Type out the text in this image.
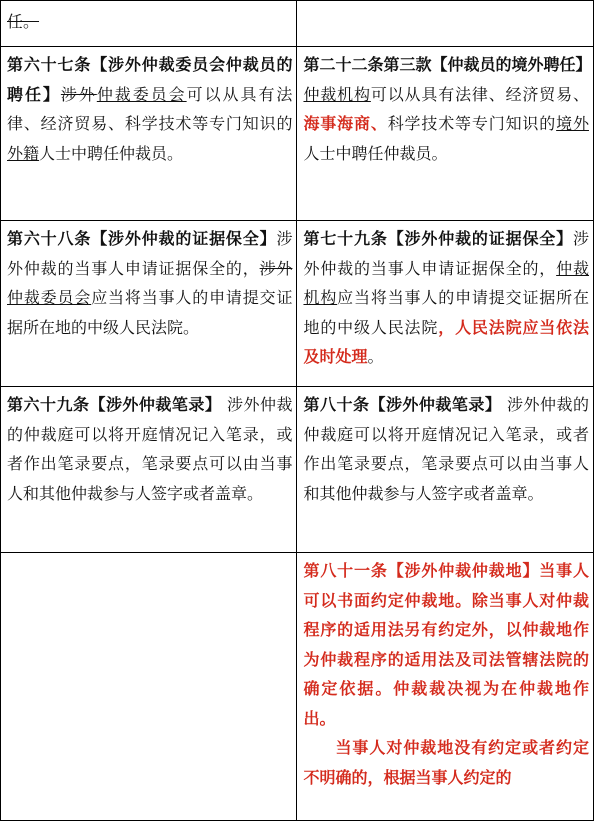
任。	
第六十七条【涉外仲裁委员会仲裁员的聘任】涉外仲裁委员会可以从具有法律、经济贸易、科学技术等专门知识的外籍人士中聘任仲裁员。	第二十二条第三款【仲裁员的境外聘任】仲裁机构可以从具有法律、经济贸易、海事海商、科学技术等专门知识的境外人士中聘任仲裁员。
第六十八条【涉外仲裁的证据保全】涉外仲裁的当事人申请证据保全的，涉外仲裁委员会应当将当事人的申请提交证据所在地的中级人民法院。	第七十九条【涉外仲裁的证据保全】涉外仲裁的当事人申请证据保全的，仲裁机构应当将当事人的申请提交证据所在地的中级人民法院，人民法院应当依法及时处理。
第六十九条【涉外仲裁笔录】 涉外仲裁的仲裁庭可以将开庭情况记入笔录，或者作出笔录要点，笔录要点可以由当事人和其他仲裁参与人签字或者盖章。	第八十条【涉外仲裁笔录】 涉外仲裁的仲裁庭可以将开庭情况记入笔录，或者作出笔录要点，笔录要点可以由当事人和其他仲裁参与人签字或者盖章。

	第八十一条【涉外仲裁仲裁地】当事人可以书面约定仲裁地。除当事人对仲裁程序的适用法另有约定外，以仲裁地作为仲裁程序的适用法及司法管辖法院的确定依据。仲裁裁决视为在仲裁地作出。
当事人对仲裁地没有约定或者约定不明确的，根据当事人约定的
